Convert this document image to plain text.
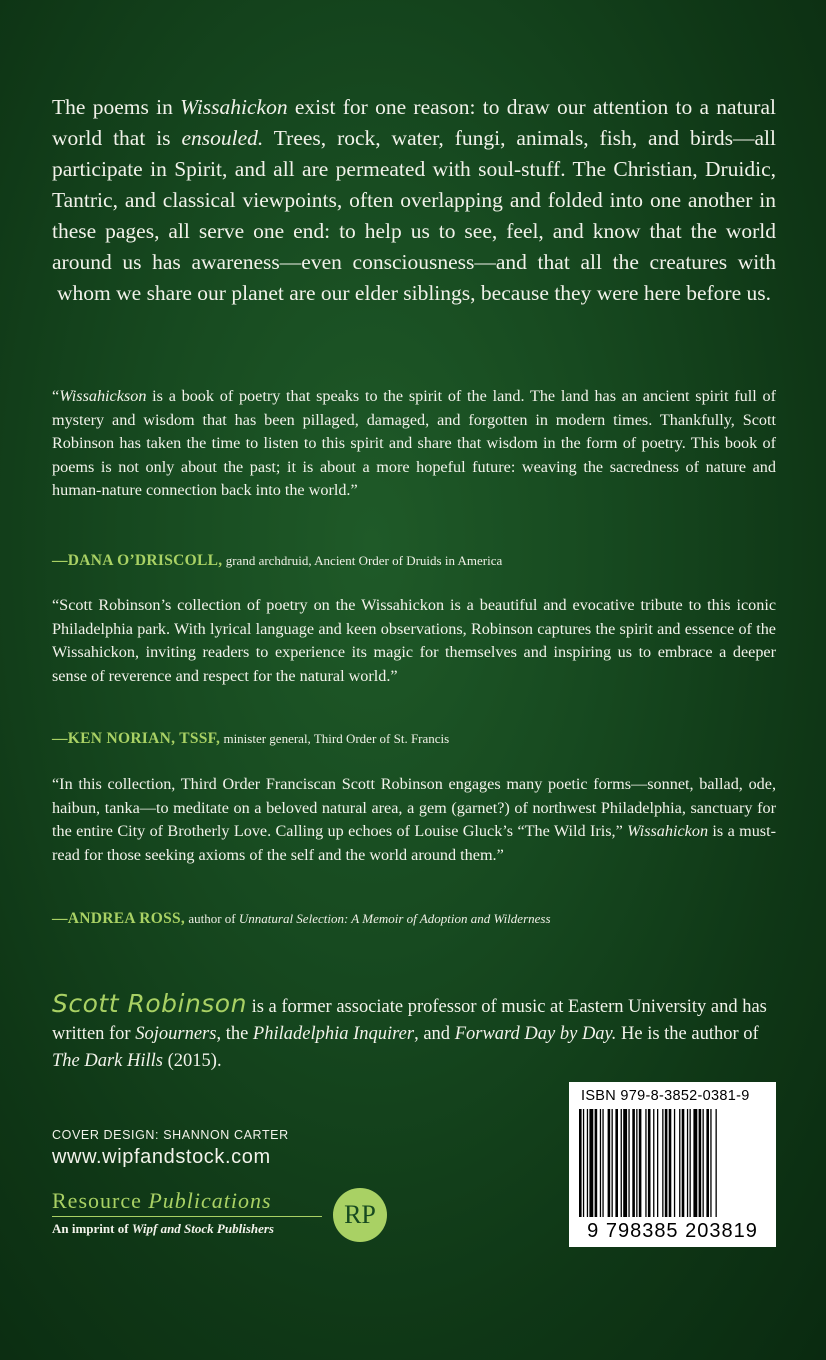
The poems in Wissahickon exist for one reason: to draw our attention to a natural world that is ensouled. Trees, rock, water, fungi, animals, fish, and birds—all participate in Spirit, and all are permeated with soul-stuff. The Christian, Druidic, Tantric, and classical viewpoints, often overlapping and folded into one another in these pages, all serve one end: to help us to see, feel, and know that the world around us has awareness—even consciousness—and that all the creatures with whom we share our planet are our elder siblings, because they were here before us.
“Wissahickson is a book of poetry that speaks to the spirit of the land. The land has an ancient spirit full of mystery and wisdom that has been pillaged, damaged, and forgotten in modern times. Thankfully, Scott Robinson has taken the time to listen to this spirit and share that wisdom in the form of poetry. This book of poems is not only about the past; it is about a more hopeful future: weaving the sacredness of nature and human-nature connection back into the world.”
—DANA O’DRISCOLL, grand archdruid, Ancient Order of Druids in America
“Scott Robinson’s collection of poetry on the Wissahickon is a beautiful and evocative tribute to this iconic Philadelphia park. With lyrical language and keen observations, Robinson captures the spirit and essence of the Wissahickon, inviting readers to experience its magic for themselves and inspiring us to embrace a deeper sense of reverence and respect for the natural world.”
—KEN NORIAN, TSSF, minister general, Third Order of St. Francis
“In this collection, Third Order Franciscan Scott Robinson engages many poetic forms—sonnet, ballad, ode, haibun, tanka—to meditate on a beloved natural area, a gem (garnet?) of northwest Philadelphia, sanctuary for the entire City of Brotherly Love. Calling up echoes of Louise Gluck’s “The Wild Iris,” Wissahickon is a must-read for those seeking axioms of the self and the world around them.”
—ANDREA ROSS, author of Unnatural Selection: A Memoir of Adoption and Wilderness
Scott Robinson is a former associate professor of music at Eastern University and has written for Sojourners, the Philadelphia Inquirer, and Forward Day by Day. He is the author of The Dark Hills (2015).
COVER DESIGN: SHANNON CARTER
www.wipfandstock.com
Resource Publications
An imprint of Wipf and Stock Publishers	RP
ISBN 979-8-3852-0381-9
9 798385 203819
